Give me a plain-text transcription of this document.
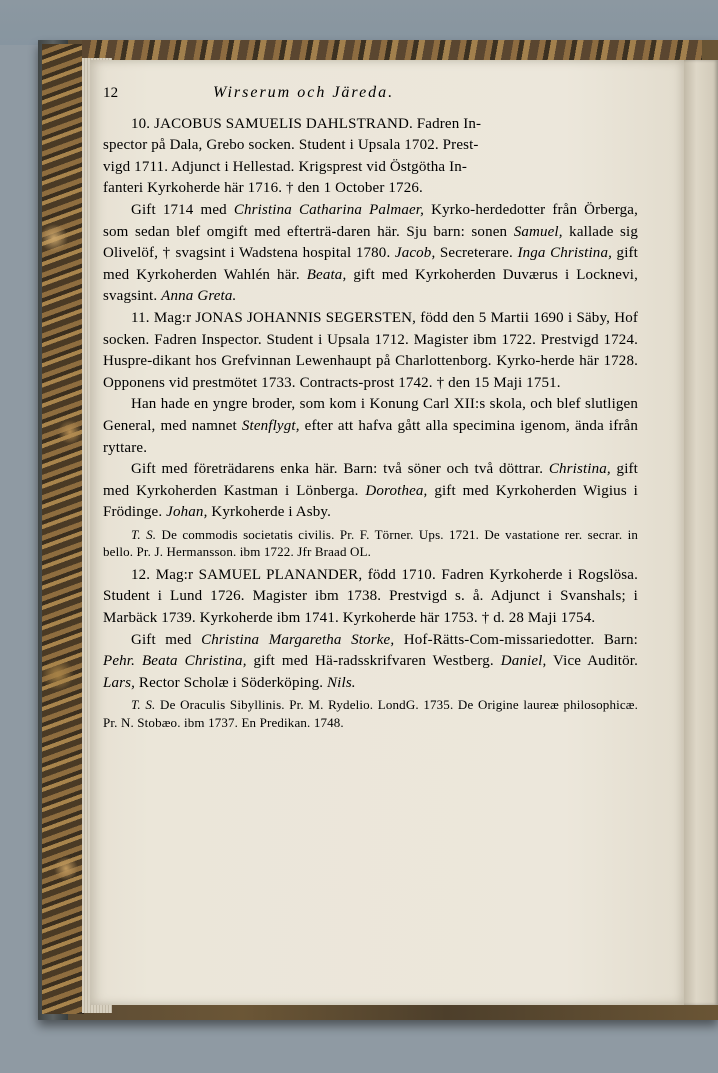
12	Wirserum och Järeda.

10. JACOBUS SAMUELIS DAHLSTRAND. Fadren In-

spector på Dala, Grebo socken. Student i Upsala 1702. Prest-

vigd 1711. Adjunct i Hellestad. Krigsprest vid Östgötha In-

fanteri Kyrkoherde här 1716. † den 1 October 1726.

Gift 1714 med Christina Catharina Palmaer, Kyrko-herdedotter från Örberga, som sedan blef omgift med efterträ-daren här. Sju barn: sonen Samuel, kallade sig Olivelöf, † svagsint i Wadstena hospital 1780. Jacob, Secreterare. Inga Christina, gift med Kyrkoherden Wahlén här. Beata, gift med Kyrkoherden Duværus i Locknevi, svagsint. Anna Greta.

11. Mag:r JONAS JOHANNIS SEGERSTEN, född den 5 Martii 1690 i Säby, Hof socken. Fadren Inspector. Student i Upsala 1712. Magister ibm 1722. Prestvigd 1724. Huspre-dikant hos Grefvinnan Lewenhaupt på Charlottenborg. Kyrko-herde här 1728. Opponens vid prestmötet 1733. Contracts-prost 1742. † den 15 Maji 1751.

Han hade en yngre broder, som kom i Konung Carl XII:s skola, och blef slutligen General, med namnet Stenflygt, efter att hafva gått alla specimina igenom, ända ifrån ryttare.

Gift med företrädarens enka här. Barn: två söner och två döttrar. Christina, gift med Kyrkoherden Kastman i Lönberga. Dorothea, gift med Kyrkoherden Wigius i Frödinge. Johan, Kyrkoherde i Asby.

T. S. De commodis societatis civilis. Pr. F. Törner. Ups. 1721. De vastatione rer. secrar. in bello. Pr. J. Hermansson. ibm 1722. Jfr Braad OL.

12. Mag:r SAMUEL PLANANDER, född 1710. Fadren Kyrkoherde i Rogslösa. Student i Lund 1726. Magister ibm 1738. Prestvigd s. å. Adjunct i Svanshals; i Marbäck 1739. Kyrkoherde ibm 1741. Kyrkoherde här 1753. † d. 28 Maji 1754.

Gift med Christina Margaretha Storke, Hof-Rätts-Com-missariedotter. Barn: Pehr. Beata Christina, gift med Hä-radsskrifvaren Westberg. Daniel, Vice Auditör. Lars, Rector Scholæ i Söderköping. Nils.

T. S. De Oraculis Sibyllinis. Pr. M. Rydelio. LondG. 1735. De Origine laureæ philosophicæ. Pr. N. Stobæo. ibm 1737. En Predikan. 1748.
